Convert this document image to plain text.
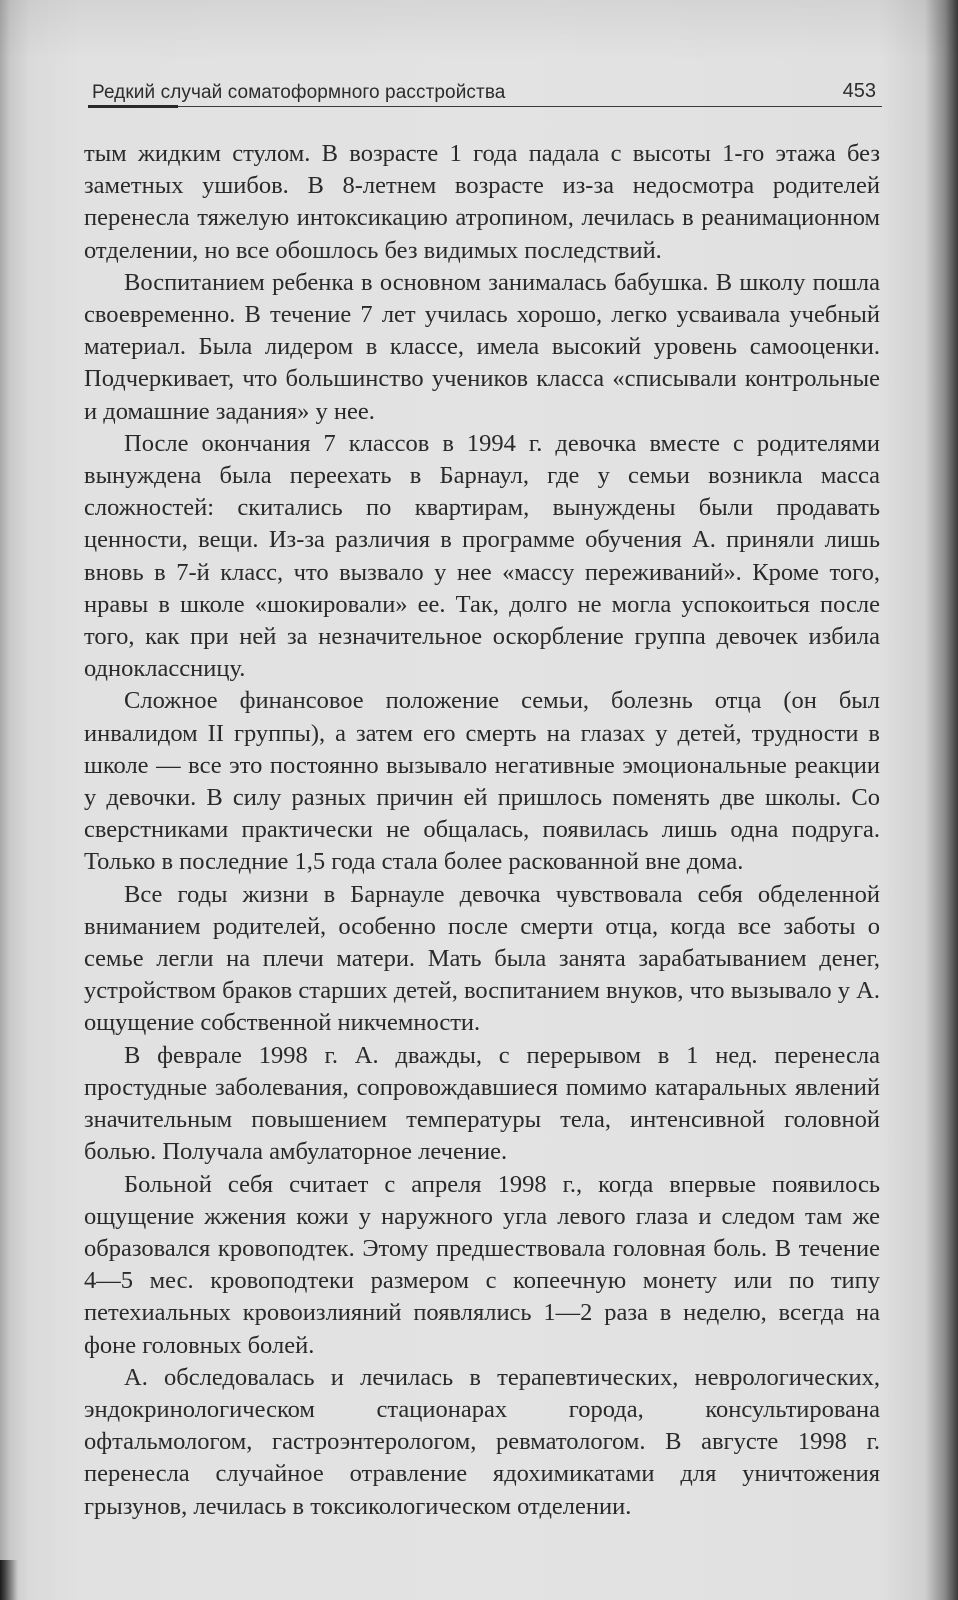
Редкий случай соматоформного расстройства	453

тым жидким стулом. В возрасте 1 года падала с высоты 1-го этажа без заметных ушибов. В 8-летнем возрасте из-за недосмотра родителей перенесла тяжелую интоксикацию атропином, лечилась в реанимационном отделении, но все обошлось без видимых последствий.

Воспитанием ребенка в основном занималась бабушка. В школу пошла своевременно. В течение 7 лет училась хорошо, легко усваивала учебный материал. Была лидером в классе, имела высокий уровень самооценки. Подчеркивает, что большинство учеников класса «списывали контрольные и домашние задания» у нее.

После окончания 7 классов в 1994 г. девочка вместе с родителями вынуждена была переехать в Барнаул, где у семьи возникла масса сложностей: скитались по квартирам, вынуждены были продавать ценности, вещи. Из-за различия в программе обучения А. приняли лишь вновь в 7-й класс, что вызвало у нее «массу переживаний». Кроме того, нравы в школе «шокировали» ее. Так, долго не могла успокоиться после того, как при ней за незначительное оскорбление группа девочек избила одноклассницу.

Сложное финансовое положение семьи, болезнь отца (он был инвалидом II группы), а затем его смерть на глазах у детей, трудности в школе — все это постоянно вызывало негативные эмоциональные реакции у девочки. В силу разных причин ей пришлось поменять две школы. Со сверстниками практически не общалась, появилась лишь одна подруга. Только в последние 1,5 года стала более раскованной вне дома.

Все годы жизни в Барнауле девочка чувствовала себя обделенной вниманием родителей, особенно после смерти отца, когда все заботы о семье легли на плечи матери. Мать была занята зарабатыванием денег, устройством браков старших детей, воспитанием внуков, что вызывало у А. ощущение собственной никчемности.

В феврале 1998 г. А. дважды, с перерывом в 1 нед. перенесла простудные заболевания, сопровождавшиеся помимо катаральных явлений значительным повышением температуры тела, интенсивной головной болью. Получала амбулаторное лечение.

Больной себя считает с апреля 1998 г., когда впервые появилось ощущение жжения кожи у наружного угла левого глаза и следом там же образовался кровоподтек. Этому предшествовала головная боль. В течение 4—5 мес. кровоподтеки размером с копеечную монету или по типу петехиальных кровоизлияний появлялись 1—2 раза в неделю, всегда на фоне головных болей.

А. обследовалась и лечилась в терапевтических, неврологических, эндокринологическом стационарах города, консультирована офтальмологом, гастроэнтерологом, ревматологом. В августе 1998 г. перенесла случайное отравление ядохимикатами для уничтожения грызунов, лечилась в токсикологическом отделении.
